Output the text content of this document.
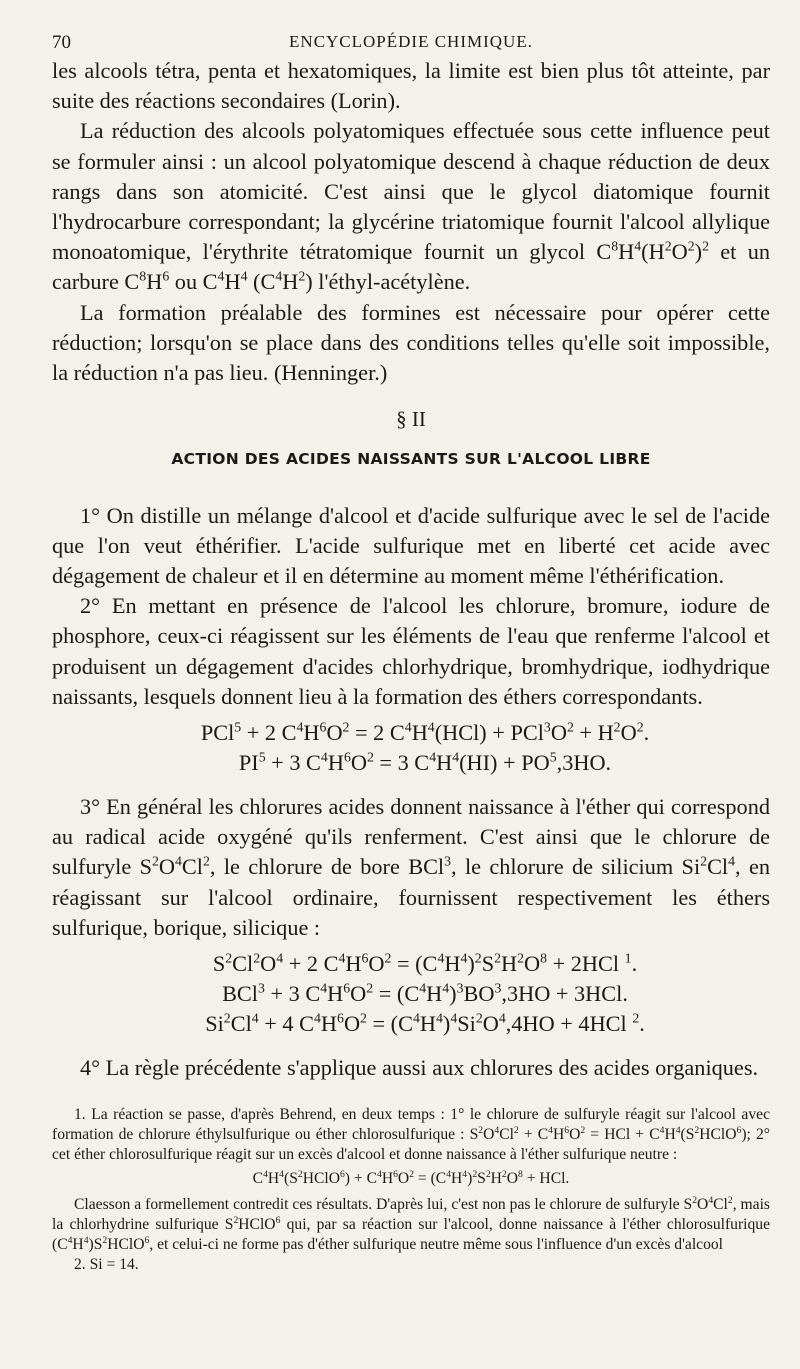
70	ENCYCLOPÉDIE CHIMIQUE.

les alcools tétra, penta et hexatomiques, la limite est bien plus tôt atteinte, par suite des réactions secondaires (Lorin).

La réduction des alcools polyatomiques effectuée sous cette influence peut se formuler ainsi : un alcool polyatomique descend à chaque réduction de deux rangs dans son atomicité. C'est ainsi que le glycol diatomique fournit l'hydrocarbure correspondant; la glycérine triatomique fournit l'alcool allylique monoatomique, l'érythrite tétratomique fournit un glycol $C^8H^4(H^2O^2)^2$ et un carbure $C^8H^6$ ou $C^4H^4$ $(C^4H^2)$ l'éthyl-acétylène.

La formation préalable des formines est nécessaire pour opérer cette réduction; lorsqu'on se place dans des conditions telles qu'elle soit impossible, la réduction n'a pas lieu. (Henninger.)

§ II
ACTION DES ACIDES NAISSANTS SUR L'ALCOOL LIBRE

1° On distille un mélange d'alcool et d'acide sulfurique avec le sel de l'acide que l'on veut éthérifier. L'acide sulfurique met en liberté cet acide avec dégagement de chaleur et il en détermine au moment même l'éthérification.

2° En mettant en présence de l'alcool les chlorure, bromure, iodure de phosphore, ceux-ci réagissent sur les éléments de l'eau que renferme l'alcool et produisent un dégagement d'acides chlorhydrique, bromhydrique, iodhydrique naissants, lesquels donnent lieu à la formation des éthers correspondants.

PCl$^5$ + 2 $C^4H^6O^2 = 2$ $C^4H^4(HCl) + PCl^3O^2 + H^2O^2$.

$PI^5 + 3$ $C^4H^6O^2 = 3$ $C^4H^4(HI) + PO^5,3HO$.

3° En général les chlorures acides donnent naissance à l'éther qui correspond au radical acide oxygéné qu'ils renferment. C'est ainsi que le chlorure de sulfuryle $S^2O^4Cl^2$, le chlorure de bore BCl$^3$, le chlorure de silicium Si$^2$Cl$^4$, en réagissant sur l'alcool ordinaire, fournissent respectivement les éthers sulfurique, borique, silicique :

$S^2Cl^2O^4 + 2$ $C^4H^6O^2 = (C^4H^4)^2S^2H^2O^8 + 2HCl$ $^1$.

BCl$^3$ + 3 $C^4H^6O^2 = (C^4H^4)^3BO^3,3HO + 3HCl$.

$Si^2Cl^4 + 4$ $C^4H^6O^2 = (C^4H^4)^4Si^2O^4,4HO + 4HCl$ $^2$.

4° La règle précédente s'applique aussi aux chlorures des acides organiques.

1. La réaction se passe, d'après Behrend, en deux temps : 1° le chlorure de sulfuryle réagit sur l'alcool avec formation de chlorure éthylsulfurique ou éther chlorosulfurique : $S^2O^4Cl^2 + C^4H^6O^2$ = HCl + $C^4H^4(S^2HClO^6)$; 2° cet éther chlorosulfurique réagit sur un excès d'alcool et donne naissance à l'éther sulfurique neutre :

$C^4H^4(S^2HClO^6) + C^4H^6O^2 = (C^4H^4)^2S^2H^2O^8$ + HCl.

Claesson a formellement contredit ces résultats. D'après lui, c'est non pas le chlorure de sulfuryle $S^2O^4Cl^2$, mais la chlorhydrine sulfurique $S^2HClO^6$ qui, par sa réaction sur l'alcool, donne naissance à l'éther chlorosulfurique $(C^4H^4)S^2HClO^6$, et celui-ci ne forme pas d'éther sulfurique neutre même sous l'influence d'un excès d'alcool

2. Si = 14.
